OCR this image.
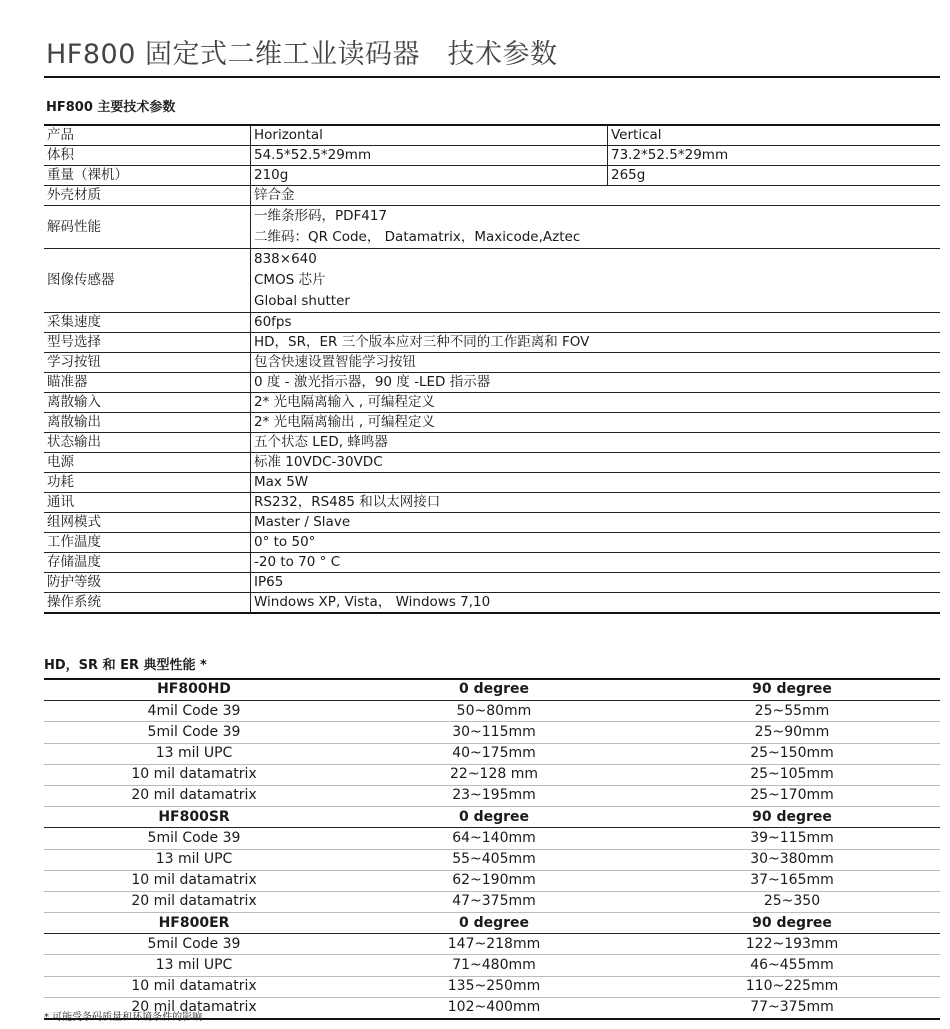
HF800 固定式二维工业读码器　技术参数
HF800 主要技术参数
产品	Horizontal	Vertical
体积	54.5*52.5*29mm	73.2*52.5*29mm
重量（裸机）	210g	265g
外壳材质	锌合金	
解码性能	一维条形码，PDF417
二维码：QR Code， Datamatrix，Maxicode,Aztec	

图像传感器	838×640
CMOS 芯片
Global shutter	

采集速度	60fps	
型号选择	HD，SR，ER 三个版本应对三种不同的工作距离和 FOV	
学习按钮	包含快速设置智能学习按钮	
瞄准器	0 度 - 激光指示器，90 度 -LED 指示器	
离散输入	2* 光电隔离输入 , 可编程定义	
离散输出	2* 光电隔离输出 , 可编程定义	
状态输出	五个状态 LED, 蜂鸣器	
电源	标准 10VDC-30VDC	
功耗	Max 5W	
通讯	RS232，RS485 和以太网接口	
组网模式	Master / Slave	
工作温度	0° to 50°	
存储温度	-20 to 70 ° C	
防护等级	IP65	
操作系统	Windows XP, Vista， Windows 7,10	
HD，SR 和 ER 典型性能 *
HF800HD	0 degree	90 degree
4mil Code 39	50~80mm	25~55mm
5mil Code 39	30~115mm	25~90mm
13 mil UPC	40~175mm	25~150mm
10 mil datamatrix	22~128 mm	25~105mm
20 mil datamatrix	23~195mm	25~170mm
HF800SR	0 degree	90 degree
5mil Code 39	64~140mm	39~115mm
13 mil UPC	55~405mm	30~380mm
10 mil datamatrix	62~190mm	37~165mm
20 mil datamatrix	47~375mm	25~350
HF800ER	0 degree	90 degree
5mil Code 39	147~218mm	122~193mm
13 mil UPC	71~480mm	46~455mm
10 mil datamatrix	135~250mm	110~225mm
20 mil datamatrix	102~400mm	77~375mm
* 可能受条码质量和环境条件的影响
